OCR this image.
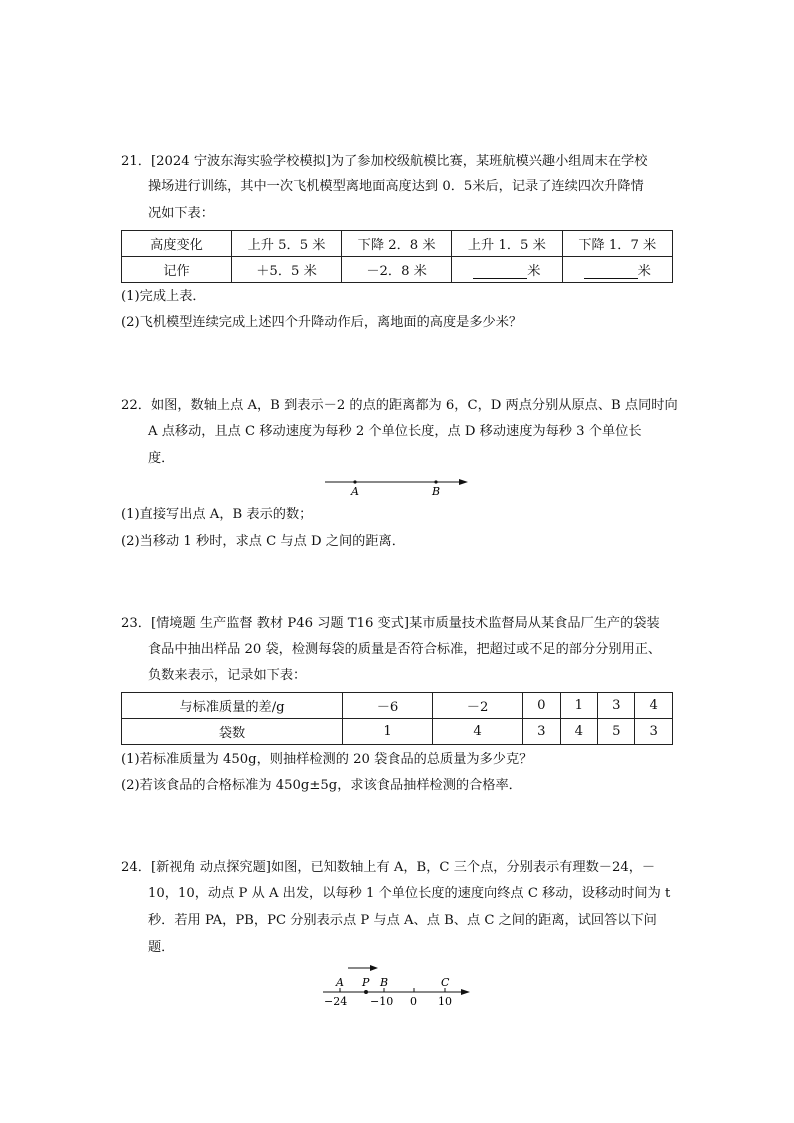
21．[2024 宁波东海实验学校模拟]为了参加校级航模比赛，某班航模兴趣小组周末在学校
操场进行训练，其中一次飞机模型离地面高度达到 0．5米后，记录了连续四次升降情
况如下表：
高度变化	上升 5．5 米	下降 2．8 米	上升 1．5 米	下降 1．7 米
记作	＋5．5 米	－2．8 米	米	米
(1)完成上表．
(2)飞机模型连续完成上述四个升降动作后，离地面的高度是多少米？
22．如图，数轴上点 A，B 到表示－2 的点的距离都为 6，C，D 两点分别从原点、B 点同时向
A 点移动，且点 C 移动速度为每秒 2 个单位长度，点 D 移动速度为每秒 3 个单位长
度．
A	B
(1)直接写出点 A，B 表示的数；
(2)当移动 1 秒时，求点 C 与点 D 之间的距离．
23．[情境题 生产监督 教材 P46 习题 T16 变式]某市质量技术监督局从某食品厂生产的袋装
食品中抽出样品 20 袋，检测每袋的质量是否符合标准，把超过或不足的部分分别用正、
负数来表示，记录如下表：
与标准质量的差/g	－6	－2	0	1	3	4
袋数	1	4	3	4	5	3
(1)若标准质量为 450g，则抽样检测的 20 袋食品的总质量为多少克？
(2)若该食品的合格标准为 450g±5g，求该食品抽样检测的合格率．
24．[新视角 动点探究题]如图，已知数轴上有 A，B，C 三个点，分别表示有理数－24，－
10，10，动点 P 从 A 出发，以每秒 1 个单位长度的速度向终点 C 移动，设移动时间为 t
秒．若用 PA，PB，PC 分别表示点 P 与点 A、点 B、点 C 之间的距离，试回答以下问
题．
A P B	C
−24 −10 0 10
